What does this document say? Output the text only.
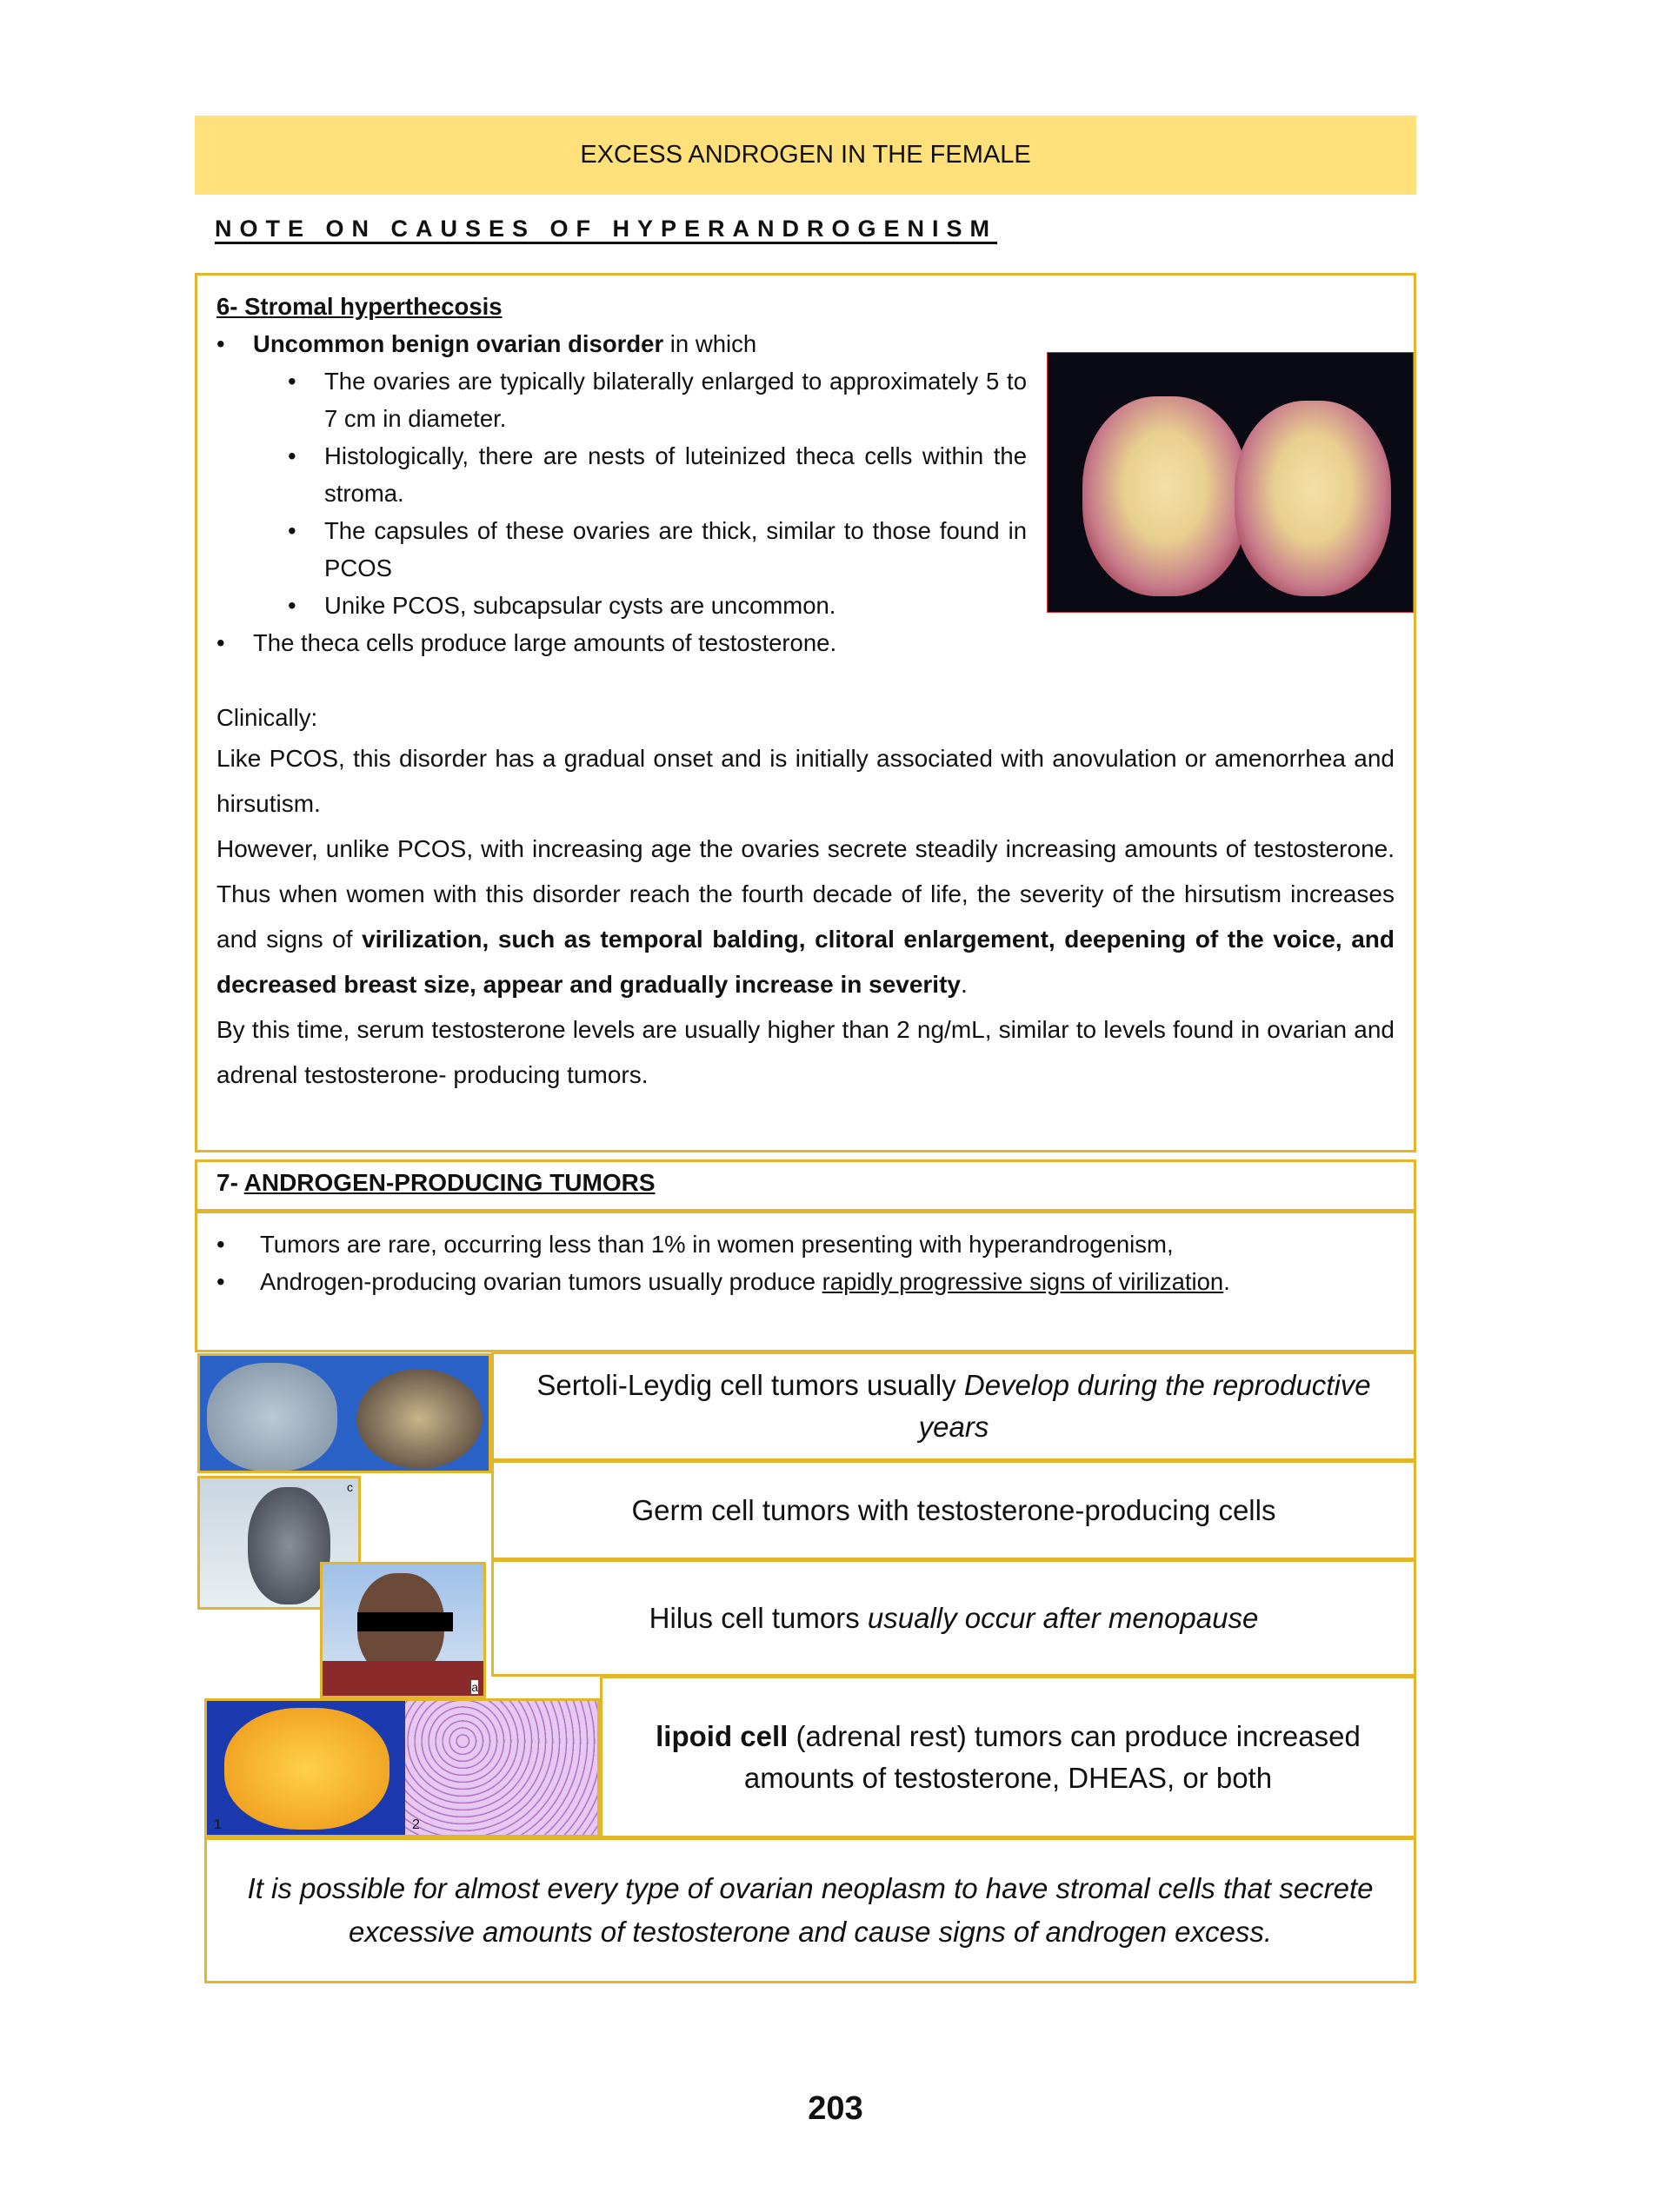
EXCESS ANDROGEN IN THE FEMALE
NOTE ON CAUSES OF HYPERANDROGENISM
6- Stromal hyperthecosis
• Uncommon benign ovarian disorder in which
• The ovaries are typically bilaterally enlarged to approximately 5 to 7 cm in diameter.
• Histologically, there are nests of luteinized theca cells within the stroma.
• The capsules of these ovaries are thick, similar to those found in PCOS
• Unike PCOS, subcapsular cysts are uncommon.
• The theca cells produce large amounts of testosterone.
Clinically:
Like PCOS, this disorder has a gradual onset and is initially associated with anovulation or amenorrhea and hirsutism.
However, unlike PCOS, with increasing age the ovaries secrete steadily increasing amounts of testosterone. Thus when women with this disorder reach the fourth decade of life, the severity of the hirsutism increases and signs of virilization, such as temporal balding, clitoral enlargement, deepening of the voice, and decreased breast size, appear and gradually increase in severity.
By this time, serum testosterone levels are usually higher than 2 ng/mL, similar to levels found in ovarian and adrenal testosterone- producing tumors.
7- ANDROGEN-PRODUCING TUMORS
• Tumors are rare, occurring less than 1% in women presenting with hyperandrogenism,
• Androgen-producing ovarian tumors usually produce rapidly progressive signs of virilization.
Sertoli-Leydig cell tumors usually Develop during the reproductive years
Germ cell tumors with testosterone-producing cells
Hilus cell tumors usually occur after menopause
lipoid cell (adrenal rest) tumors can produce increased amounts of testosterone, DHEAS, or both
c
a
1	2
It is possible for almost every type of ovarian neoplasm to have stromal cells that secrete excessive amounts of testosterone and cause signs of androgen excess.
203
